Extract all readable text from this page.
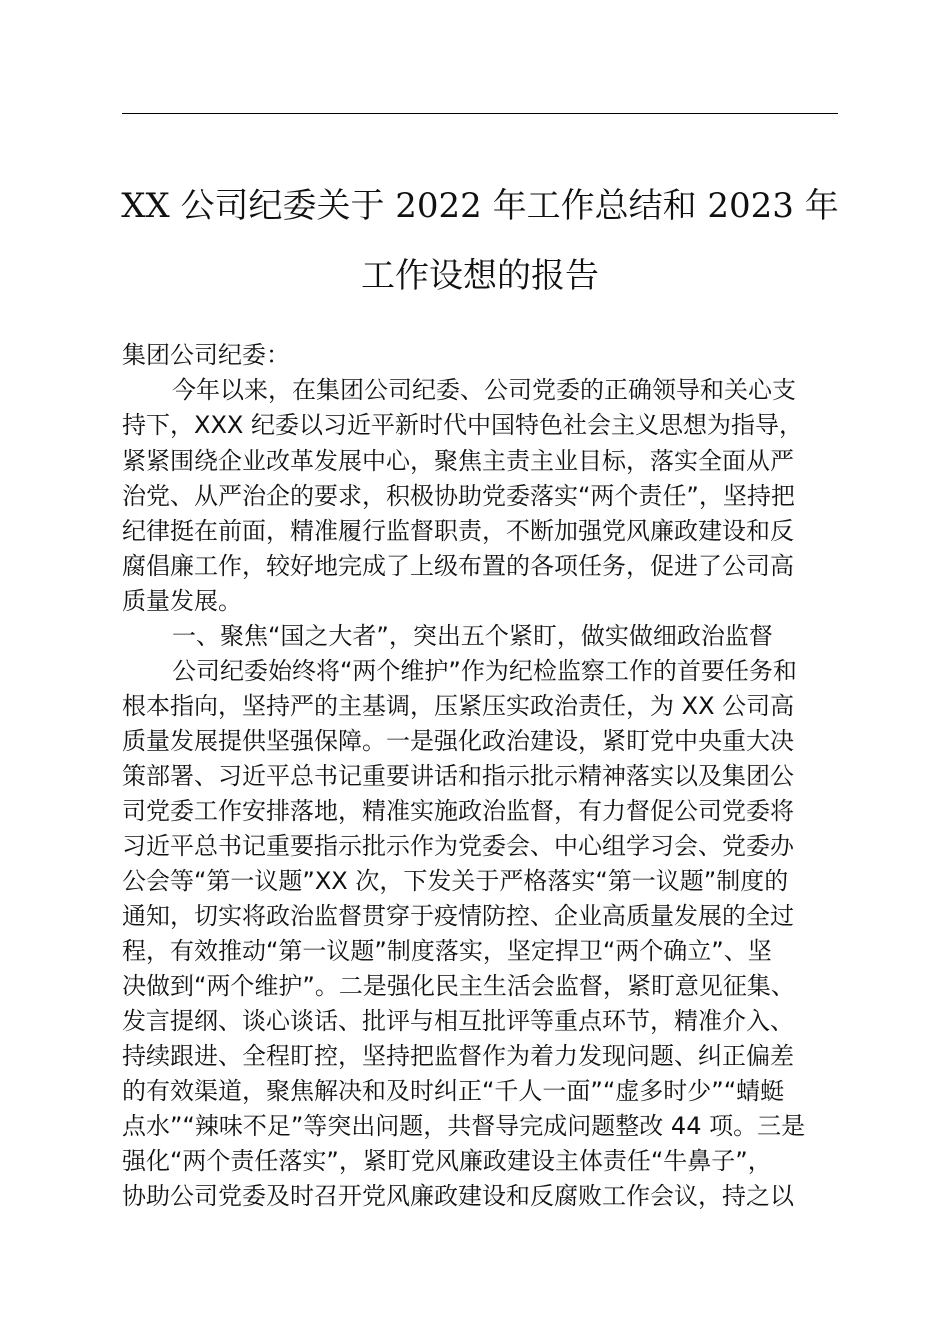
XX 公司纪委关于 2022 年工作总结和 2023 年
工作设想的报告
集团公司纪委：
今年以来，在集团公司纪委、公司党委的正确领导和关心支
持下，XXX 纪委以习近平新时代中国特色社会主义思想为指导，
紧紧围绕企业改革发展中心，聚焦主责主业目标，落实全面从严
治党、从严治企的要求，积极协助党委落实“两个责任”，坚持把
纪律挺在前面，精准履行监督职责，不断加强党风廉政建设和反
腐倡廉工作，较好地完成了上级布置的各项任务，促进了公司高
质量发展。
一、聚焦“国之大者”，突出五个紧盯，做实做细政治监督
公司纪委始终将“两个维护”作为纪检监察工作的首要任务和
根本指向，坚持严的主基调，压紧压实政治责任，为 XX 公司高
质量发展提供坚强保障。一是强化政治建设，紧盯党中央重大决
策部署、习近平总书记重要讲话和指示批示精神落实以及集团公
司党委工作安排落地，精准实施政治监督，有力督促公司党委将
习近平总书记重要指示批示作为党委会、中心组学习会、党委办
公会等“第一议题”XX 次，下发关于严格落实“第一议题”制度的
通知，切实将政治监督贯穿于疫情防控、企业高质量发展的全过
程，有效推动“第一议题”制度落实，坚定捍卫“两个确立”、坚
决做到“两个维护”。二是强化民主生活会监督，紧盯意见征集、
发言提纲、谈心谈话、批评与相互批评等重点环节，精准介入、
持续跟进、全程盯控，坚持把监督作为着力发现问题、纠正偏差
的有效渠道，聚焦解决和及时纠正“千人一面”“虚多时少”“蜻蜓
点水”“辣味不足”等突出问题，共督导完成问题整改 44 项。三是
强化“两个责任落实”，紧盯党风廉政建设主体责任“牛鼻子”，
协助公司党委及时召开党风廉政建设和反腐败工作会议，持之以
